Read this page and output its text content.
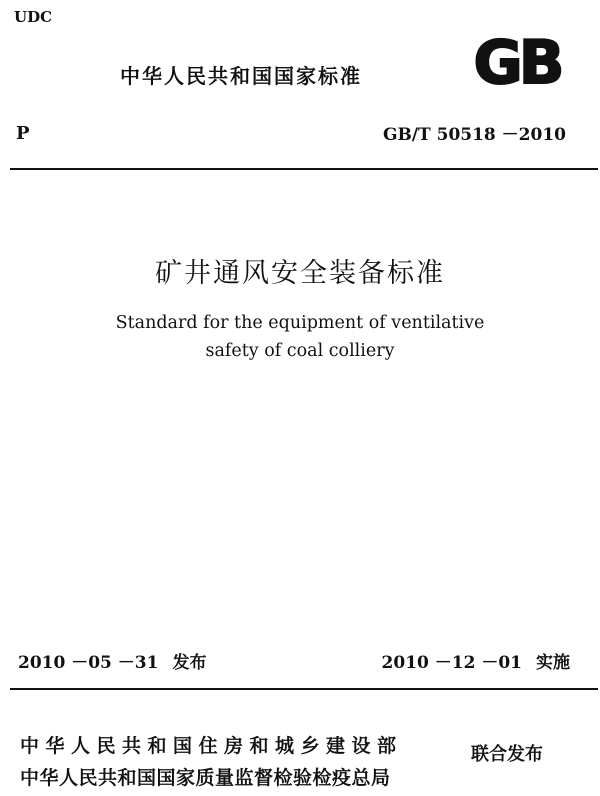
UDC
中华人民共和国国家标准 GB
P	GB/T 50518 －2010
矿井通风安全装备标准
Standard for the equipment of ventilative
safety of coal colliery
2010 －05 －31 发布	2010 －12 －01 实施
中华人民共和国住房和城乡建设部
中华人民共和国国家质量监督检验检疫总局
联合发布
